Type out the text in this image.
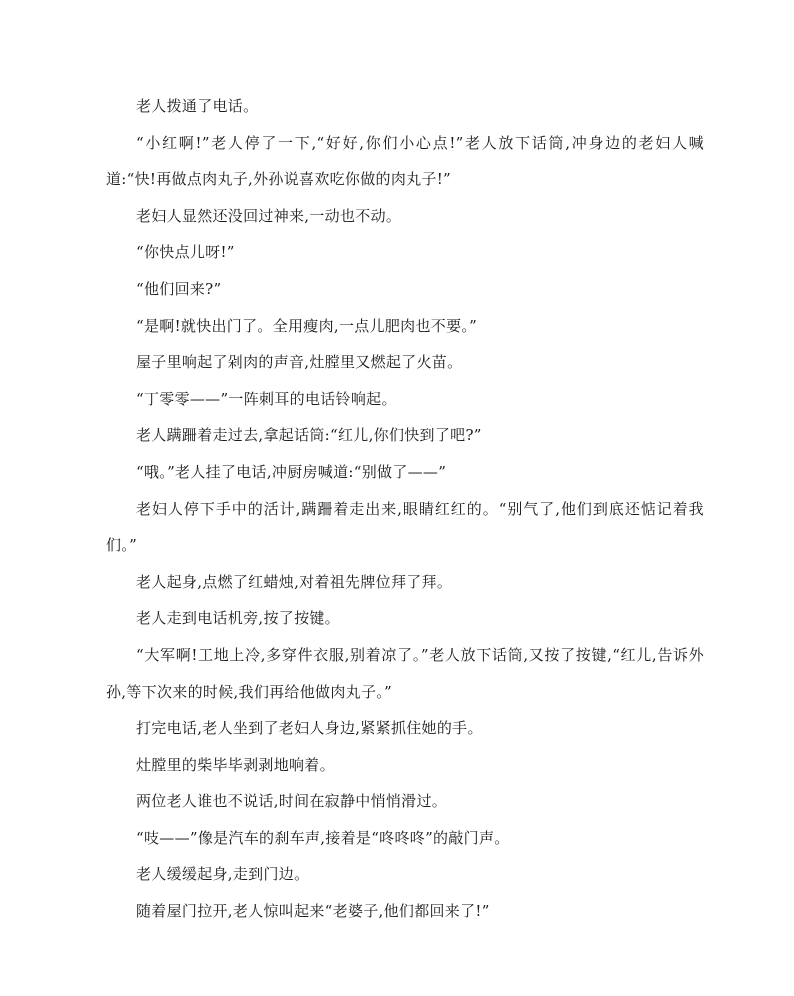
老人拨通了电话。

“小红啊!”老人停了一下,“好好,你们小心点!”老人放下话筒,冲身边的老妇人喊道:“快!再做点肉丸子,外孙说喜欢吃你做的肉丸子!”

老妇人显然还没回过神来,一动也不动。

“你快点儿呀!”

“他们回来?”

“是啊!就快出门了。全用瘦肉,一点儿肥肉也不要。”

屋子里响起了剁肉的声音,灶膛里又燃起了火苗。

“丁零零——”一阵刺耳的电话铃响起。

老人蹒跚着走过去,拿起话筒:“红儿,你们快到了吧?”

“哦。”老人挂了电话,冲厨房喊道:“别做了——”

老妇人停下手中的活计,蹒跚着走出来,眼睛红红的。“别气了,他们到底还惦记着我们。”

老人起身,点燃了红蜡烛,对着祖先牌位拜了拜。

老人走到电话机旁,按了按键。

“大军啊!工地上冷,多穿件衣服,别着凉了。”老人放下话筒,又按了按键,“红儿,告诉外孙,等下次来的时候,我们再给他做肉丸子。”

打完电话,老人坐到了老妇人身边,紧紧抓住她的手。

灶膛里的柴毕毕剥剥地响着。

两位老人谁也不说话,时间在寂静中悄悄滑过。

“吱——”像是汽车的刹车声,接着是“咚咚咚”的敲门声。

老人缓缓起身,走到门边。

随着屋门拉开,老人惊叫起来“老婆子,他们都回来了!”
